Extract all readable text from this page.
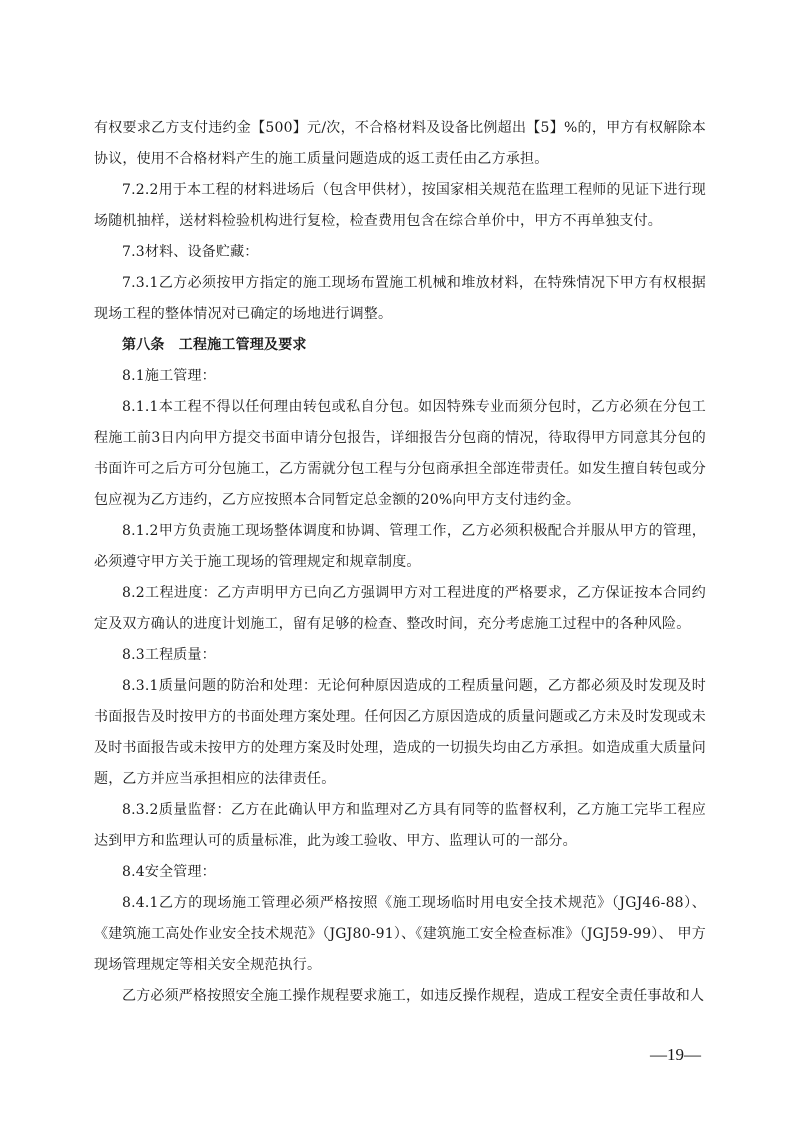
有权要求乙方支付违约金【500】元/次，不合格材料及设备比例超出【5】%的，甲方有权解除本协议，使用不合格材料产生的施工质量问题造成的返工责任由乙方承担。

7.2.2用于本工程的材料进场后（包含甲供材），按国家相关规范在监理工程师的见证下进行现场随机抽样，送材料检验机构进行复检，检查费用包含在综合单价中，甲方不再单独支付。

7.3材料、设备贮藏：

7.3.1乙方必须按甲方指定的施工现场布置施工机械和堆放材料，在特殊情况下甲方有权根据现场工程的整体情况对已确定的场地进行调整。

第八条　工程施工管理及要求

8.1施工管理：

8.1.1本工程不得以任何理由转包或私自分包。如因特殊专业而须分包时，乙方必须在分包工程施工前3日内向甲方提交书面申请分包报告，详细报告分包商的情况，待取得甲方同意其分包的书面许可之后方可分包施工，乙方需就分包工程与分包商承担全部连带责任。如发生擅自转包或分包应视为乙方违约，乙方应按照本合同暂定总金额的20%向甲方支付违约金。

8.1.2甲方负责施工现场整体调度和协调、管理工作，乙方必须积极配合并服从甲方的管理，必须遵守甲方关于施工现场的管理规定和规章制度。

8.2工程进度：乙方声明甲方已向乙方强调甲方对工程进度的严格要求，乙方保证按本合同约定及双方确认的进度计划施工，留有足够的检查、整改时间，充分考虑施工过程中的各种风险。

8.3工程质量：

8.3.1质量问题的防治和处理：无论何种原因造成的工程质量问题，乙方都必须及时发现及时书面报告及时按甲方的书面处理方案处理。任何因乙方原因造成的质量问题或乙方未及时发现或未及时书面报告或未按甲方的处理方案及时处理，造成的一切损失均由乙方承担。如造成重大质量问题，乙方并应当承担相应的法律责任。

8.3.2质量监督：乙方在此确认甲方和监理对乙方具有同等的监督权利，乙方施工完毕工程应达到甲方和监理认可的质量标准，此为竣工验收、甲方、监理认可的一部分。

8.4安全管理：

8.4.1乙方的现场施工管理必须严格按照《施工现场临时用电安全技术规范》（JGJ46-88）、《建筑施工高处作业安全技术规范》（JGJ80-91）、《建筑施工安全检查标准》（JGJ59-99）、 甲方现场管理规定等相关安全规范执行。

乙方必须严格按照安全施工操作规程要求施工，如违反操作规程，造成工程安全责任事故和人

—19—
